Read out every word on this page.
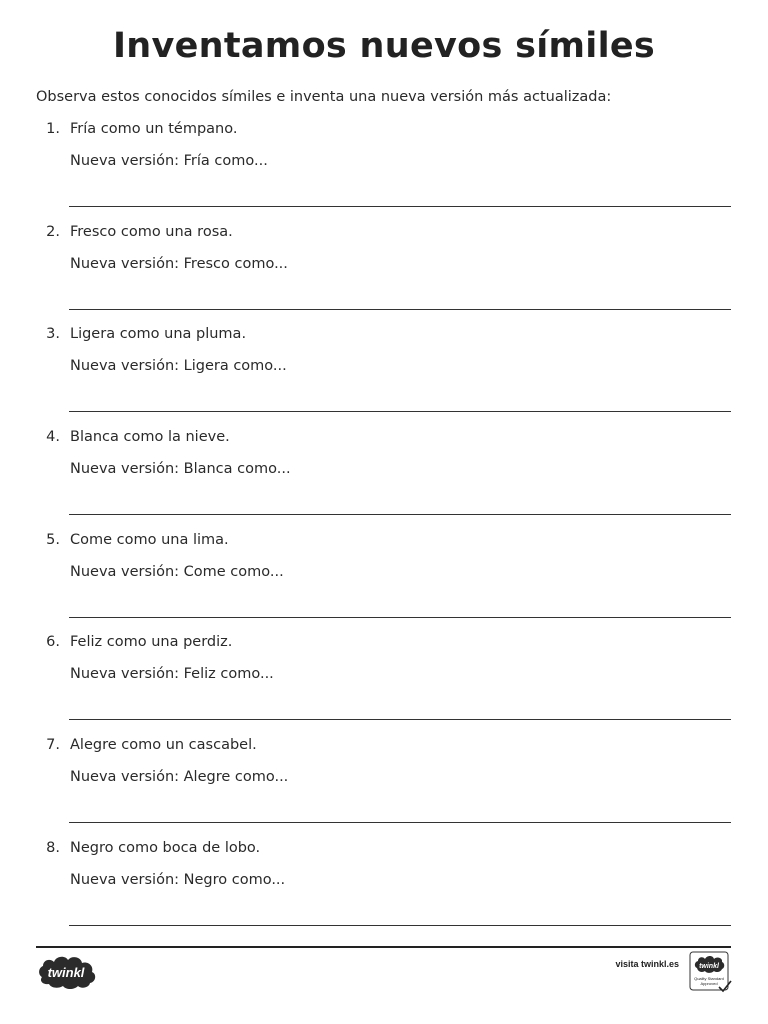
Inventamos nuevos símiles
Observa estos conocidos símiles e inventa una nueva versión más actualizada:
1. Fría como un témpano.
Nueva versión: Fría como...
2. Fresco como una rosa.
Nueva versión: Fresco como...
3. Ligera como una pluma.
Nueva versión: Ligera como...
4. Blanca como la nieve.
Nueva versión: Blanca como...
5. Come como una lima.
Nueva versión: Come como...
6. Feliz como una perdiz.
Nueva versión: Feliz como...
7. Alegre como un cascabel.
Nueva versión: Alegre como...
8. Negro como boca de lobo.
Nueva versión: Negro como...
twinkl
visita twinkl.es	twinkl
Quality Standard
Approved
